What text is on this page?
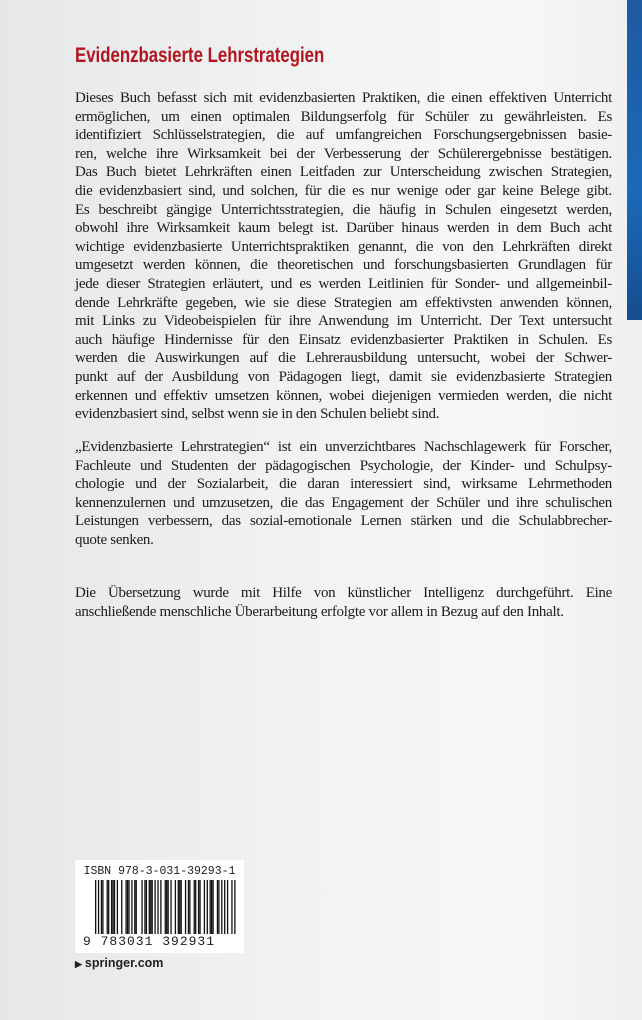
Evidenzbasierte Lehrstrategien
Dieses Buch befasst sich mit evidenzbasierten Praktiken, die einen effektiven Unterricht
ermöglichen, um einen optimalen Bildungserfolg für Schüler zu gewährleisten. Es
identifiziert Schlüsselstrategien, die auf umfangreichen Forschungsergebnissen basie-
ren, welche ihre Wirksamkeit bei der Verbesserung der Schülerergebnisse bestätigen.
Das Buch bietet Lehrkräften einen Leitfaden zur Unterscheidung zwischen Strategien,
die evidenzbasiert sind, und solchen, für die es nur wenige oder gar keine Belege gibt.
Es beschreibt gängige Unterrichtsstrategien, die häufig in Schulen eingesetzt werden,
obwohl ihre Wirksamkeit kaum belegt ist. Darüber hinaus werden in dem Buch acht
wichtige evidenzbasierte Unterrichtspraktiken genannt, die von den Lehrkräften direkt
umgesetzt werden können, die theoretischen und forschungsbasierten Grundlagen für
jede dieser Strategien erläutert, und es werden Leitlinien für Sonder- und allgemeinbil-
dende Lehrkräfte gegeben, wie sie diese Strategien am effektivsten anwenden können,
mit Links zu Videobeispielen für ihre Anwendung im Unterricht. Der Text untersucht
auch häufige Hindernisse für den Einsatz evidenzbasierter Praktiken in Schulen. Es
werden die Auswirkungen auf die Lehrerausbildung untersucht, wobei der Schwer-
punkt auf der Ausbildung von Pädagogen liegt, damit sie evidenzbasierte Strategien
erkennen und effektiv umsetzen können, wobei diejenigen vermieden werden, die nicht
evidenzbasiert sind, selbst wenn sie in den Schulen beliebt sind.
„Evidenzbasierte Lehrstrategien“ ist ein unverzichtbares Nachschlagewerk für Forscher,
Fachleute und Studenten der pädagogischen Psychologie, der Kinder- und Schulpsy-
chologie und der Sozialarbeit, die daran interessiert sind, wirksame Lehrmethoden
kennenzulernen und umzusetzen, die das Engagement der Schüler und ihre schulischen
Leistungen verbessern, das sozial-emotionale Lernen stärken und die Schulabbrecher-
quote senken.
Die Übersetzung wurde mit Hilfe von künstlicher Intelligenz durchgeführt. Eine
anschließende menschliche Überarbeitung erfolgte vor allem in Bezug auf den Inhalt.
ISBN 978-3-031-39293-1
9 783031 392931
▶ springer.com
